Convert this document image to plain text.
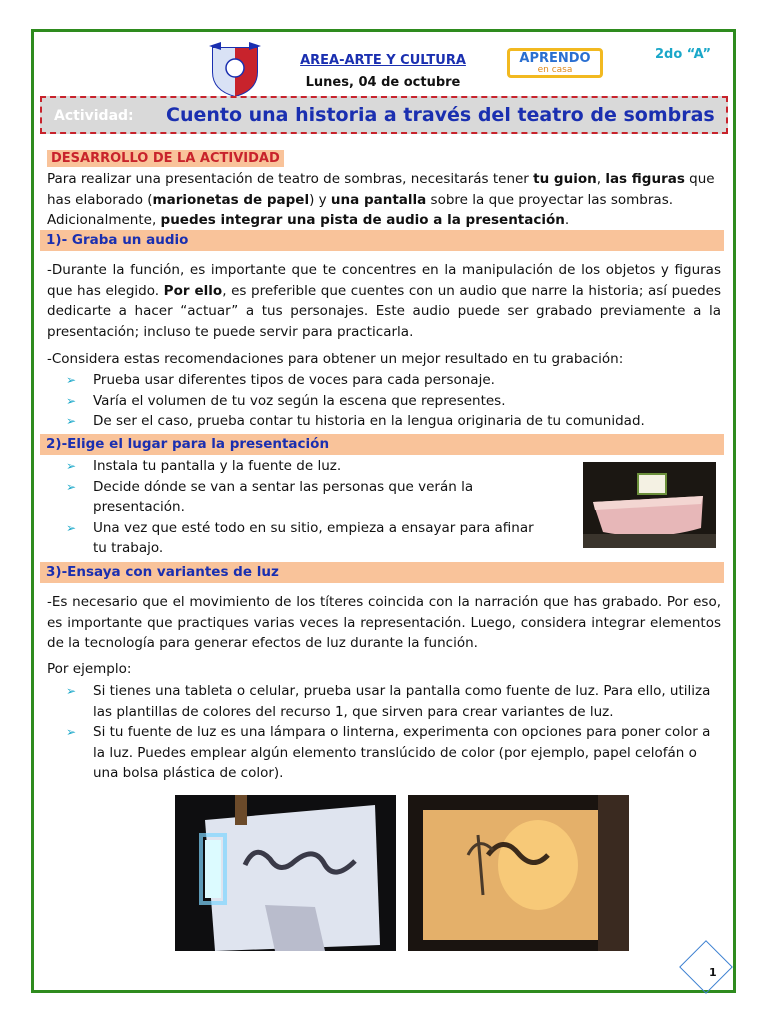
AREA-ARTE Y CULTURA
Lunes, 04 de octubre
APRENDO
en casa
2do “A”
Actividad: Cuento una historia a través del teatro de sombras
DESARROLLO DE LA ACTIVIDAD
Para realizar una presentación de teatro de sombras, necesitarás tener tu guion, las figuras que has elaborado (marionetas de papel) y una pantalla sobre la que proyectar las sombras. Adicionalmente, puedes integrar una pista de audio a la presentación.
1)- Graba un audio
-Durante la función, es importante que te concentres en la manipulación de los objetos y figuras que has elegido. Por ello, es preferible que cuentes con un audio que narre la historia; así puedes dedicarte a hacer “actuar” a tus personajes. Este audio puede ser grabado previamente a la presentación; incluso te puede servir para practicarla.
-Considera estas recomendaciones para obtener un mejor resultado en tu grabación:
➢ Prueba usar diferentes tipos de voces para cada personaje.
➢ Varía el volumen de tu voz según la escena que representes.
➢ De ser el caso, prueba contar tu historia en la lengua originaria de tu comunidad.
2)-Elige el lugar para la presentación
➢ Instala tu pantalla y la fuente de luz.
➢ Decide dónde se van a sentar las personas que verán la presentación.
➢ Una vez que esté todo en su sitio, empieza a ensayar para afinar tu trabajo.
3)-Ensaya con variantes de luz
-Es necesario que el movimiento de los títeres coincida con la narración que has grabado. Por eso, es importante que practiques varias veces la representación. Luego, considera integrar elementos de la tecnología para generar efectos de luz durante la función.
Por ejemplo:
➢ Si tienes una tableta o celular, prueba usar la pantalla como fuente de luz. Para ello, utiliza las plantillas de colores del recurso 1, que sirven para crear variantes de luz.
➢ Si tu fuente de luz es una lámpara o linterna, experimenta con opciones para poner color a la luz. Puedes emplear algún elemento translúcido de color (por ejemplo, papel celofán o una bolsa plástica de color).
1
